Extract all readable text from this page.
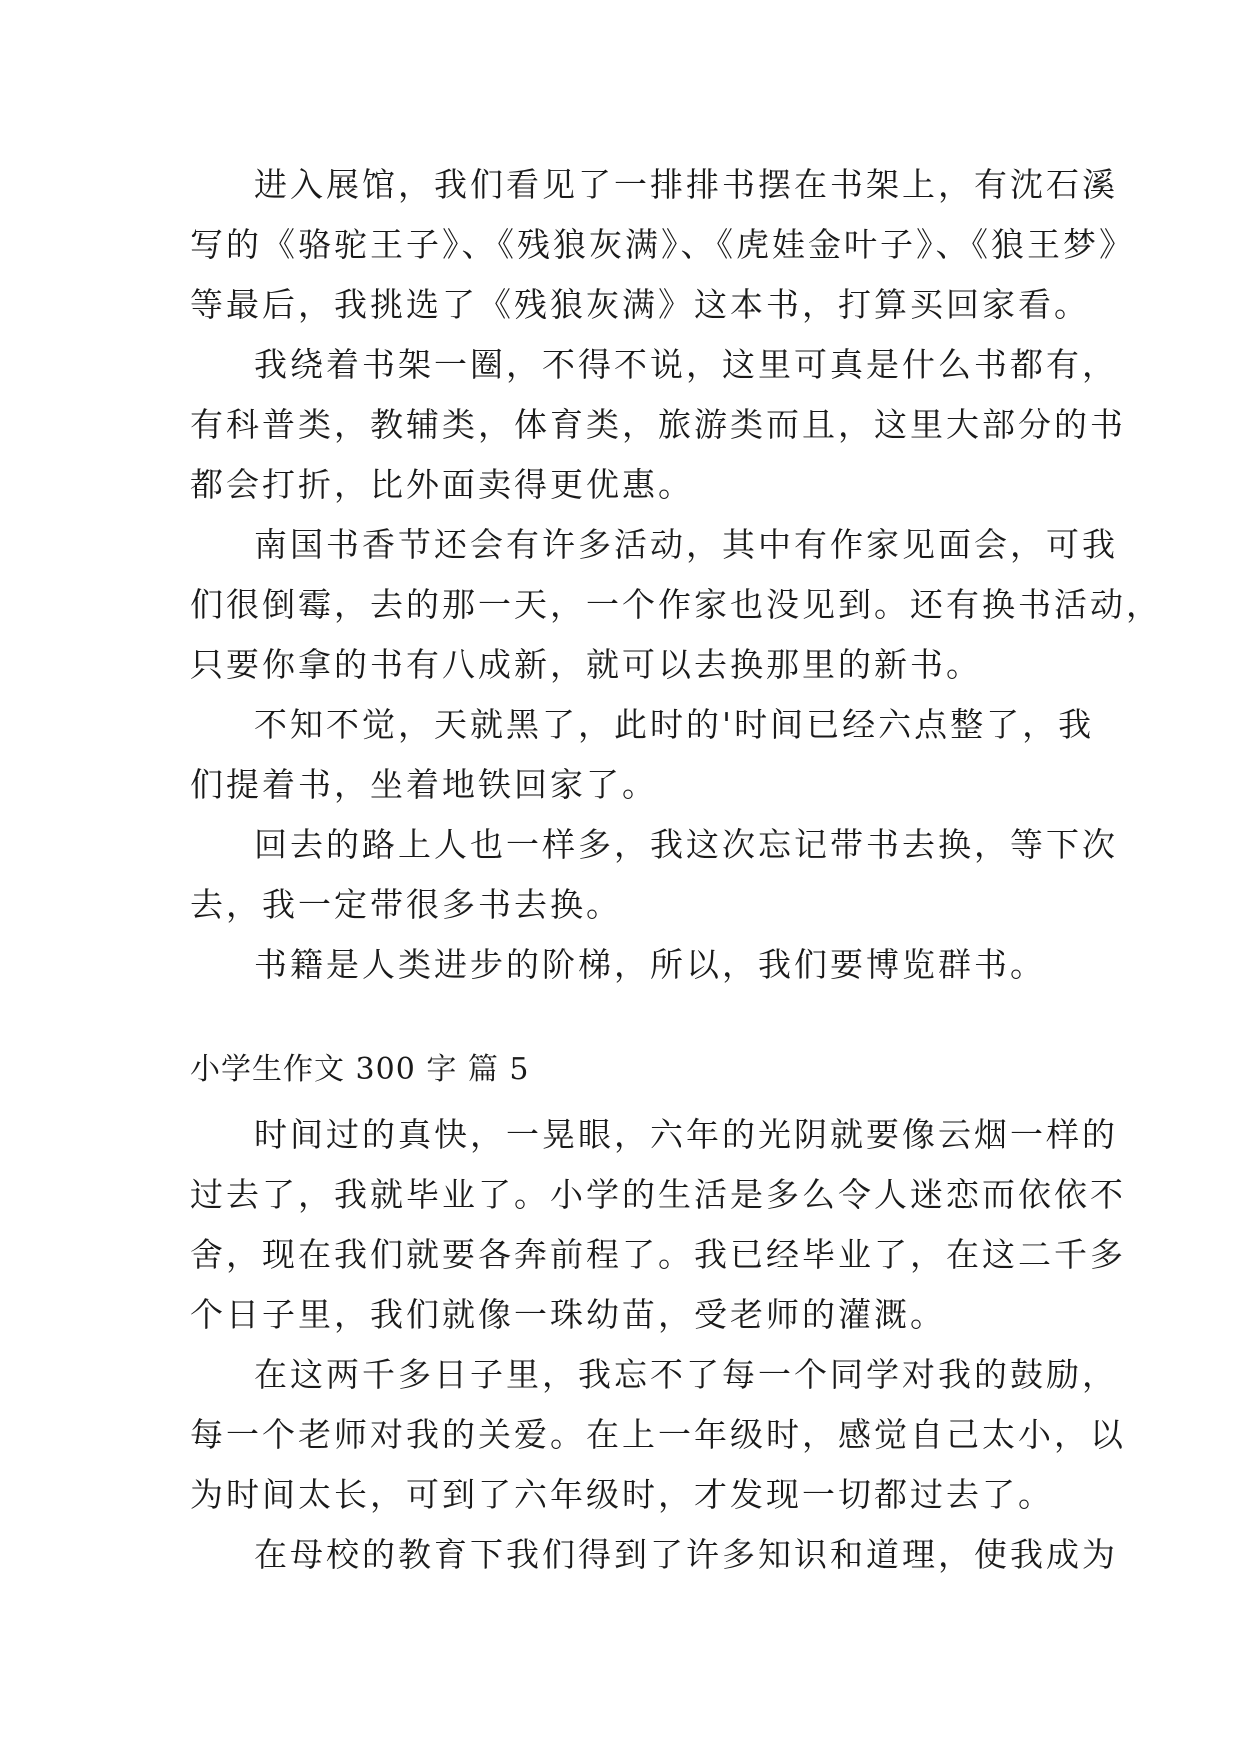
进入展馆，我们看见了一排排书摆在书架上，有沈石溪
写的《骆驼王子》、《残狼灰满》、《虎娃金叶子》、《狼王梦》
等最后，我挑选了《残狼灰满》这本书，打算买回家看。
我绕着书架一圈，不得不说，这里可真是什么书都有，
有科普类，教辅类，体育类，旅游类而且，这里大部分的书
都会打折，比外面卖得更优惠。
南国书香节还会有许多活动，其中有作家见面会，可我
们很倒霉，去的那一天，一个作家也没见到。还有换书活动，
只要你拿的书有八成新，就可以去换那里的新书。
不知不觉，天就黑了，此时的'时间已经六点整了，我
们提着书，坐着地铁回家了。
回去的路上人也一样多，我这次忘记带书去换，等下次
去，我一定带很多书去换。
书籍是人类进步的阶梯，所以，我们要博览群书。
小学生作文 300 字 篇 5
时间过的真快，一晃眼，六年的光阴就要像云烟一样的
过去了，我就毕业了。小学的生活是多么令人迷恋而依依不
舍，现在我们就要各奔前程了。我已经毕业了，在这二千多
个日子里，我们就像一珠幼苗，受老师的灌溉。
在这两千多日子里，我忘不了每一个同学对我的鼓励，
每一个老师对我的关爱。在上一年级时，感觉自己太小，以
为时间太长，可到了六年级时，才发现一切都过去了。
在母校的教育下我们得到了许多知识和道理，使我成为
